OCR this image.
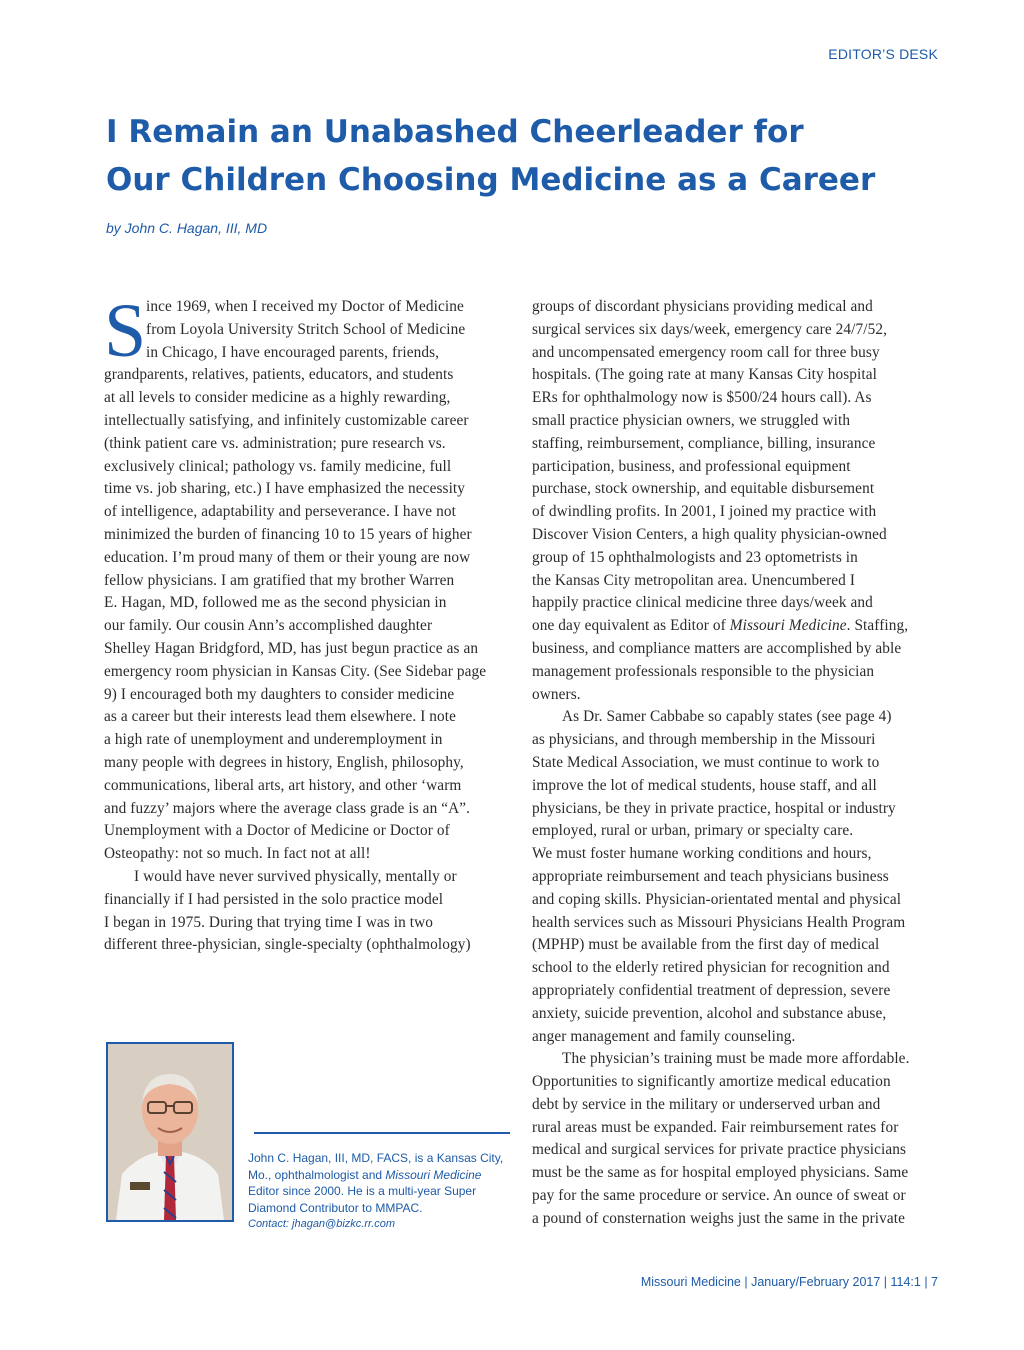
EDITOR’S DESK
I Remain an Unabashed Cheerleader for
Our Children Choosing Medicine as a Career
by John C. Hagan, III, MD
S ince 1969, when I received my Doctor of Medicine
from Loyola University Stritch School of Medicine
in Chicago, I have encouraged parents, friends,
grandparents, relatives, patients, educators, and students
at all levels to consider medicine as a highly rewarding,
intellectually satisfying, and infinitely customizable career
(think patient care vs. administration; pure research vs.
exclusively clinical; pathology vs. family medicine, full
time vs. job sharing, etc.) I have emphasized the necessity
of intelligence, adaptability and perseverance. I have not
minimized the burden of financing 10 to 15 years of higher
education. I’m proud many of them or their young are now
fellow physicians. I am gratified that my brother Warren
E. Hagan, MD, followed me as the second physician in
our family. Our cousin Ann’s accomplished daughter
Shelley Hagan Bridgford, MD, has just begun practice as an
emergency room physician in Kansas City. (See Sidebar page
9) I encouraged both my daughters to consider medicine
as a career but their interests lead them elsewhere. I note
a high rate of unemployment and underemployment in
many people with degrees in history, English, philosophy,
communications, liberal arts, art history, and other ‘warm
and fuzzy’ majors where the average class grade is an “A”.
Unemployment with a Doctor of Medicine or Doctor of
Osteopathy: not so much. In fact not at all!
I would have never survived physically, mentally or
financially if I had persisted in the solo practice model
I began in 1975. During that trying time I was in two
different three-physician, single-specialty (ophthalmology)
groups of discordant physicians providing medical and
surgical services six days/week, emergency care 24/7/52,
and uncompensated emergency room call for three busy
hospitals. (The going rate at many Kansas City hospital
ERs for ophthalmology now is $500/24 hours call). As
small practice physician owners, we struggled with
staffing, reimbursement, compliance, billing, insurance
participation, business, and professional equipment
purchase, stock ownership, and equitable disbursement
of dwindling profits. In 2001, I joined my practice with
Discover Vision Centers, a high quality physician-owned
group of 15 ophthalmologists and 23 optometrists in
the Kansas City metropolitan area. Unencumbered I
happily practice clinical medicine three days/week and
one day equivalent as Editor of Missouri Medicine. Staffing,
business, and compliance matters are accomplished by able
management professionals responsible to the physician
owners.
As Dr. Samer Cabbabe so capably states (see page 4)
as physicians, and through membership in the Missouri
State Medical Association, we must continue to work to
improve the lot of medical students, house staff, and all
physicians, be they in private practice, hospital or industry
employed, rural or urban, primary or specialty care.
We must foster humane working conditions and hours,
appropriate reimbursement and teach physicians business
and coping skills. Physician-orientated mental and physical
health services such as Missouri Physicians Health Program
(MPHP) must be available from the first day of medical
school to the elderly retired physician for recognition and
appropriately confidential treatment of depression, severe
anxiety, suicide prevention, alcohol and substance abuse,
anger management and family counseling.
The physician’s training must be made more affordable.
Opportunities to significantly amortize medical education
debt by service in the military or underserved urban and
rural areas must be expanded. Fair reimbursement rates for
medical and surgical services for private practice physicians
must be the same as for hospital employed physicians. Same
pay for the same procedure or service. An ounce of sweat or
a pound of consternation weighs just the same in the private
John C. Hagan, III, MD, FACS, is a Kansas City,
Mo., ophthalmologist and Missouri Medicine
Editor since 2000. He is a multi-year Super
Diamond Contributor to MMPAC.
Contact: jhagan@bizkc.rr.com
Missouri Medicine | January/February 2017 | 114:1 | 7
